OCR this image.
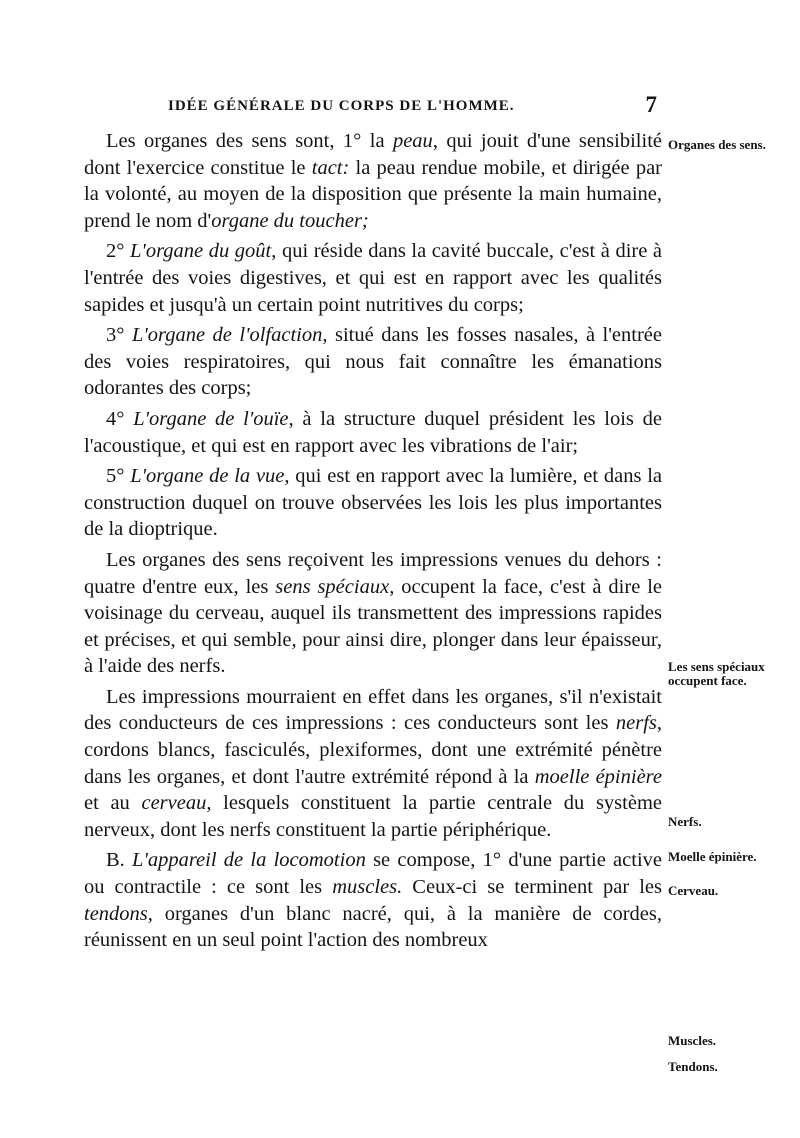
IDÉE GÉNÉRALE DU CORPS DE L'HOMME.	7

Les organes des sens sont, 1° la peau, qui jouit d'une sensibilité dont l'exercice constitue le tact: la peau rendue mobile, et dirigée par la volonté, au moyen de la disposition que présente la main humaine, prend le nom d'organe du toucher;

2° L'organe du goût, qui réside dans la cavité buccale, c'est à dire à l'entrée des voies digestives, et qui est en rapport avec les qualités sapides et jusqu'à un certain point nutritives du corps;

3° L'organe de l'olfaction, situé dans les fosses nasales, à l'entrée des voies respiratoires, qui nous fait connaître les émanations odorantes des corps;

4° L'organe de l'ouïe, à la structure duquel président les lois de l'acoustique, et qui est en rapport avec les vibrations de l'air;

5° L'organe de la vue, qui est en rapport avec la lumière, et dans la construction duquel on trouve observées les lois les plus importantes de la dioptrique.

Les organes des sens reçoivent les impressions venues du dehors : quatre d'entre eux, les sens spéciaux, occupent la face, c'est à dire le voisinage du cerveau, auquel ils transmettent des impressions rapides et précises, et qui semble, pour ainsi dire, plonger dans leur épaisseur, à l'aide des nerfs.

Les impressions mourraient en effet dans les organes, s'il n'existait des conducteurs de ces impressions : ces conducteurs sont les nerfs, cordons blancs, fasciculés, plexiformes, dont une extrémité pénètre dans les organes, et dont l'autre extrémité répond à la moelle épinière et au cerveau, lesquels constituent la partie centrale du système nerveux, dont les nerfs constituent la partie périphérique.

B. L'appareil de la locomotion se compose, 1° d'une partie active ou contractile : ce sont les muscles. Ceux-ci se terminent par les tendons, organes d'un blanc nacré, qui, à la manière de cordes, réunissent en un seul point l'action des nombreux

Organes des sens.
Les sens spéciaux occupent face.
Nerfs.
Moelle épinière.
Cerveau.
Muscles.
Tendons.
